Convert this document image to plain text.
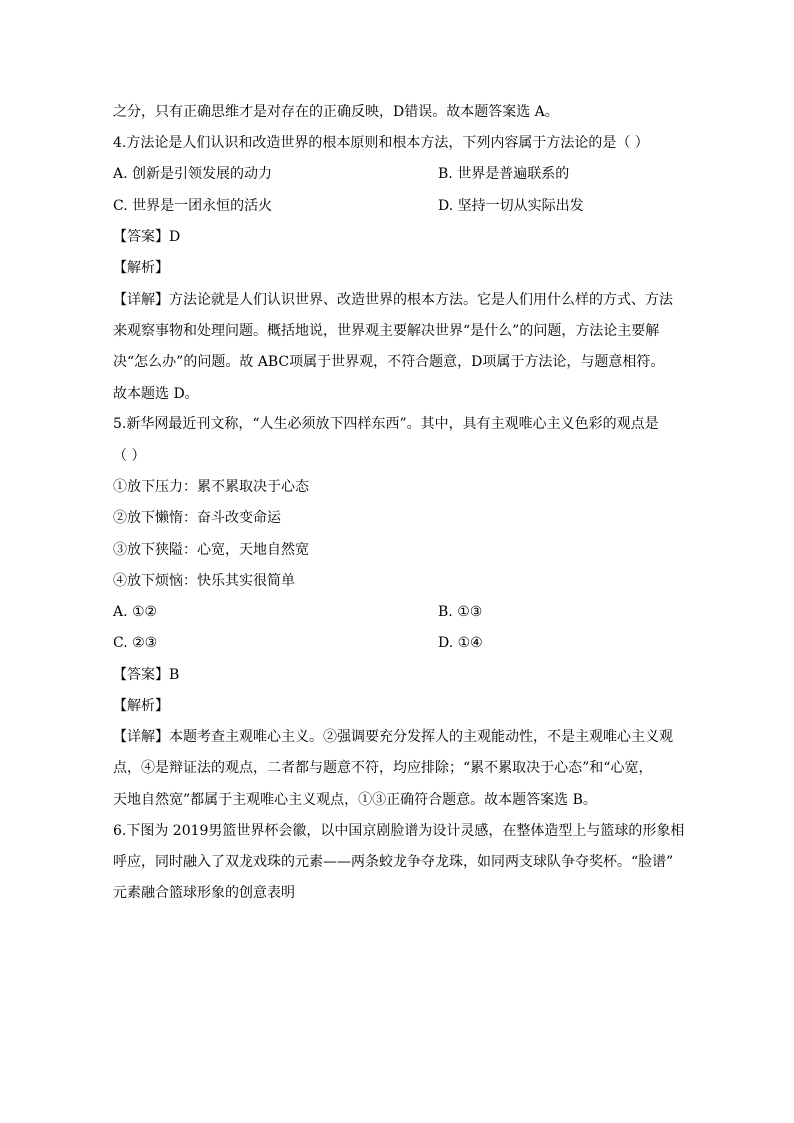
之分，只有正确思维才是对存在的正确反映，D错误。故本题答案选 A。
4.方法论是人们认识和改造世界的根本原则和根本方法，下列内容属于方法论的是（ ）
A. 创新是引领发展的动力	B. 世界是普遍联系的
C. 世界是一团永恒的活火	D. 坚持一切从实际出发
【答案】D
【解析】
【详解】方法论就是人们认识世界、改造世界的根本方法。它是人们用什么样的方式、方法
来观察事物和处理问题。概括地说，世界观主要解决世界“是什么”的问题，方法论主要解
决“怎么办”的问题。故 ABC项属于世界观，不符合题意，D项属于方法论，与题意相符。
故本题选 D。
5.新华网最近刊文称，“人生必须放下四样东西”。其中，具有主观唯心主义色彩的观点是
（ ）
①放下压力：累不累取决于心态
②放下懒惰：奋斗改变命运
③放下狭隘：心宽，天地自然宽
④放下烦恼：快乐其实很简单
A. ①②	B. ①③
C. ②③	D. ①④
【答案】B
【解析】
【详解】本题考查主观唯心主义。②强调要充分发挥人的主观能动性，不是主观唯心主义观
点，④是辩证法的观点，二者都与题意不符，均应排除；“累不累取决于心态”和“心宽，
天地自然宽”都属于主观唯心主义观点，①③正确符合题意。故本题答案选 B。
6.下图为 2019男篮世界杯会徽，以中国京剧脸谱为设计灵感，在整体造型上与篮球的形象相
呼应，同时融入了双龙戏珠的元素——两条蛟龙争夺龙珠，如同两支球队争夺奖杯。“脸谱”
元素融合篮球形象的创意表明
